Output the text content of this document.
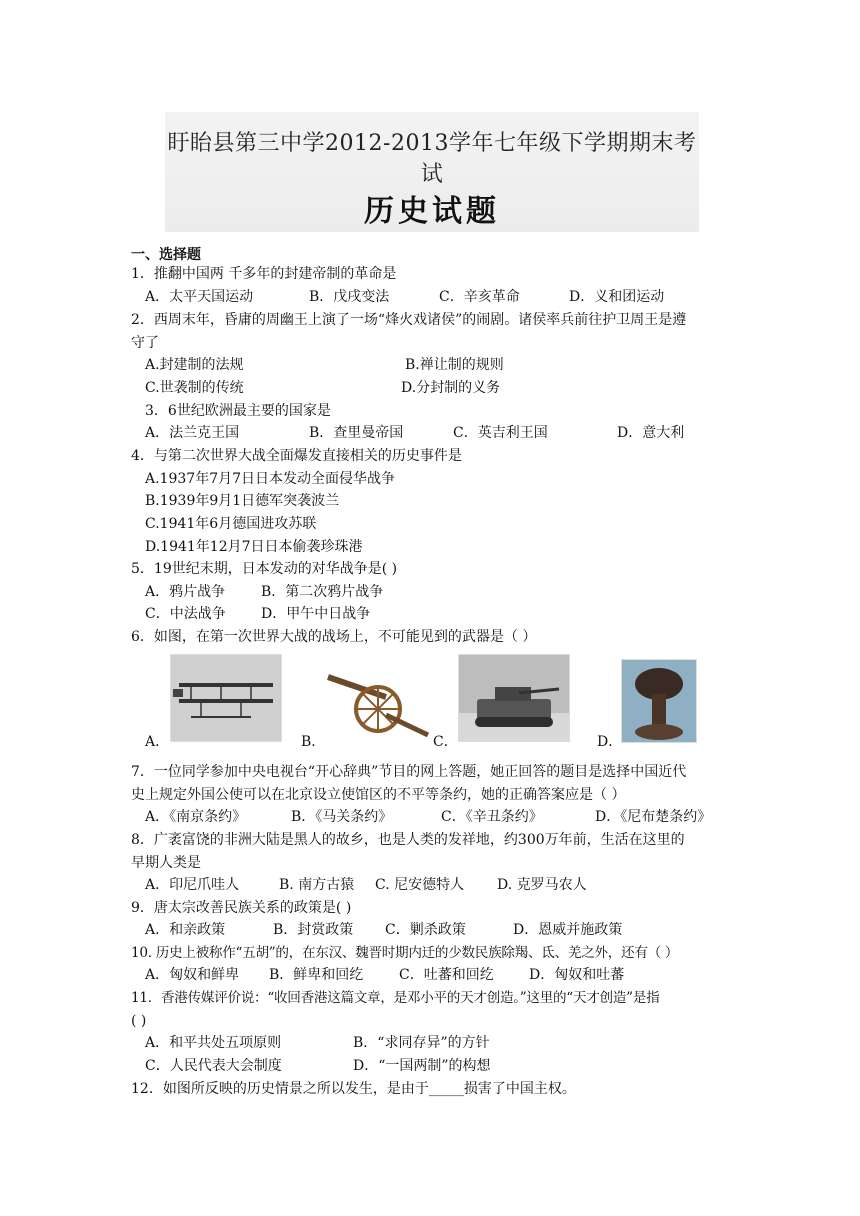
盱眙县第三中学2012-2013学年七年级下学期期末考试
历史试题
一、选择题
1．推翻中国两 千多年的封建帝制的革命是
A．太平天国运动	B．戊戌变法	C．辛亥革命	D．义和团运动
2．西周末年，昏庸的周幽王上演了一场“烽火戏诸侯”的闹剧。诸侯率兵前往护卫周王是遵
守了
A.封建制的法规	B.禅让制的规则
C.世袭制的传统	D.分封制的义务
3．6世纪欧洲最主要的国家是
A．法兰克王国	B．查里曼帝国	C．英吉利王国	D．意大利
4．与第二次世界大战全面爆发直接相关的历史事件是
A.1937年7月7日日本发动全面侵华战争
B.1939年9月1日德军突袭波兰
C.1941年6月德国进攻苏联
D.1941年12月7日日本偷袭珍珠港
5．19世纪末期，日本发动的对华战争是( )
A．鸦片战争	B．第二次鸦片战争
C．中法战争	D．甲午中日战争
6．如图，在第一次世界大战的战场上，不可能见到的武器是（ ）
A．	B．	C．	D．
7．一位同学参加中央电视台“开心辞典”节目的网上答题，她正回答的题目是选择中国近代
史上规定外国公使可以在北京设立使馆区的不平等条约，她的正确答案应是（ ）
A．《南京条约》	B．《马关条约》	C．《辛丑条约》	D．《尼布楚条约》
8．广袤富饶的非洲大陆是黑人的故乡，也是人类的发祥地，约300万年前，生活在这里的
早期人类是
A．印尼爪哇人	B. 南方古猿 C. 尼安德特人 D. 克罗马农人
9．唐太宗改善民族关系的政策是( )
A．和亲政策	B．封赏政策 C．剿杀政策	D．恩威并施政策
10. 历史上被称作“五胡”的，在东汉、魏晋时期内迁的少数民族除羯、氐、羌之外，还有（ ）
A．匈奴和鲜卑 B．鲜卑和回纥	C．吐蕃和回纥	D．匈奴和吐蕃
11．香港传媒评价说：“收回香港这篇文章，是邓小平的天才创造。”这里的“天才创造”是指
( )
A．和平共处五项原则	B．“求同存异”的方针
C．人民代表大会制度	D．“一国两制”的构想
12．如图所反映的历史情景之所以发生，是由于_____损害了中国主权。
